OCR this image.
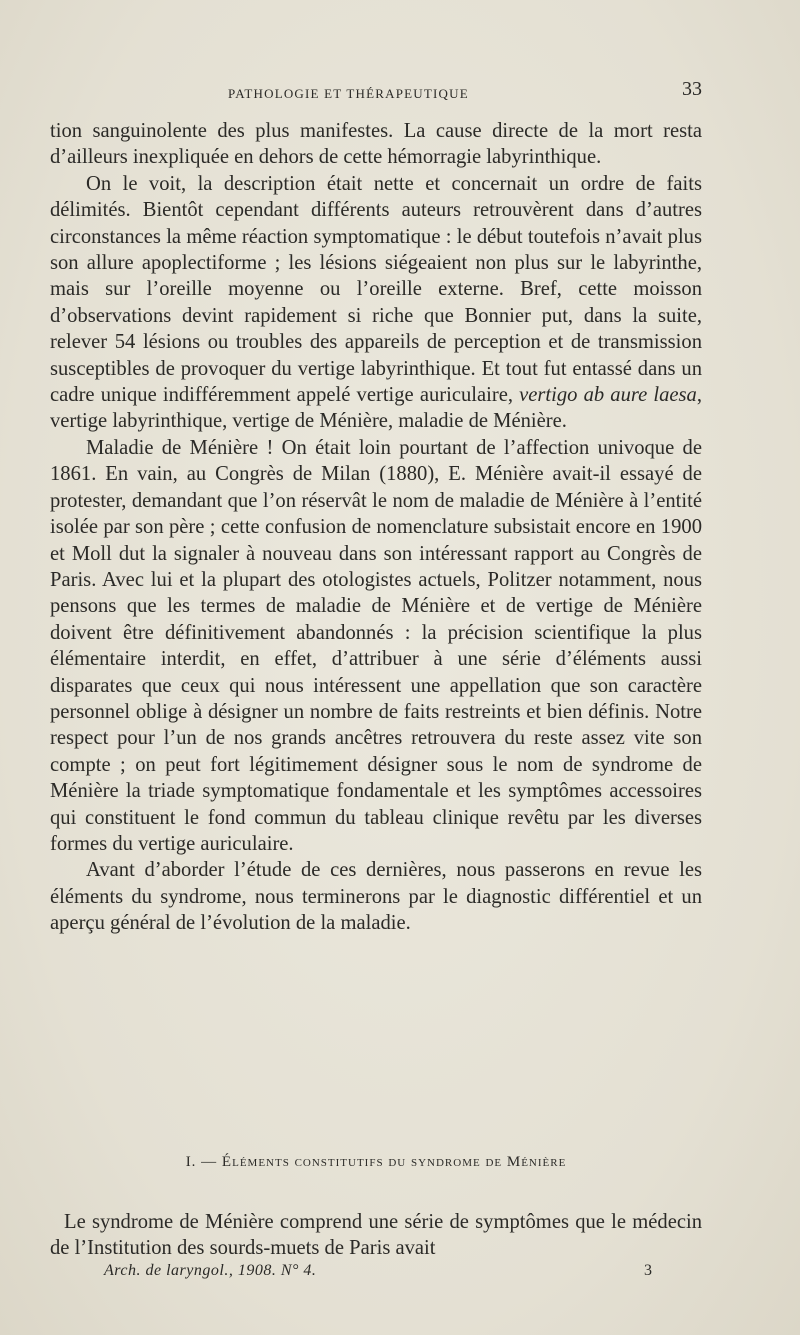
PATHOLOGIE ET THÉRAPEUTIQUE	33

tion sanguinolente des plus manifestes. La cause directe de la mort resta d’ailleurs inexpliquée en dehors de cette hémorragie labyrinthique.

On le voit, la description était nette et concernait un ordre de faits délimités. Bientôt cependant différents auteurs retrouvèrent dans d’autres circonstances la même réaction symptomatique : le début toutefois n’avait plus son allure apoplectiforme ; les lésions siégeaient non plus sur le labyrinthe, mais sur l’oreille moyenne ou l’oreille externe. Bref, cette moisson d’observations devint rapidement si riche que Bonnier put, dans la suite, relever 54 lésions ou troubles des appareils de perception et de transmission susceptibles de provoquer du vertige labyrinthique. Et tout fut entassé dans un cadre unique indifféremment appelé vertige auriculaire, vertigo ab aure laesa, vertige labyrinthique, vertige de Ménière, maladie de Ménière.

Maladie de Ménière ! On était loin pourtant de l’affection univoque de 1861. En vain, au Congrès de Milan (1880), E. Ménière avait-il essayé de protester, demandant que l’on réservât le nom de maladie de Ménière à l’entité isolée par son père ; cette confusion de nomenclature subsistait encore en 1900 et Moll dut la signaler à nouveau dans son intéressant rapport au Congrès de Paris. Avec lui et la plupart des otologistes actuels, Politzer notamment, nous pensons que les termes de maladie de Ménière et de vertige de Ménière doivent être définitivement abandonnés : la précision scientifique la plus élémentaire interdit, en effet, d’attribuer à une série d’éléments aussi disparates que ceux qui nous intéressent une appellation que son caractère personnel oblige à désigner un nombre de faits restreints et bien définis. Notre respect pour l’un de nos grands ancêtres retrouvera du reste assez vite son compte ; on peut fort légitimement désigner sous le nom de syndrome de Ménière la triade symptomatique fondamentale et les symptômes accessoires qui constituent le fond commun du tableau clinique revêtu par les diverses formes du vertige auriculaire.

Avant d’aborder l’étude de ces dernières, nous passerons en revue les éléments du syndrome, nous terminerons par le diagnostic différentiel et un aperçu général de l’évolution de la maladie.

I. — Éléments constitutifs du syndrome de Ménière
Le syndrome de Ménière comprend une série de symptômes que le médecin de l’Institution des sourds-muets de Paris avait
Arch. de laryngol., 1908. N° 4.	3
